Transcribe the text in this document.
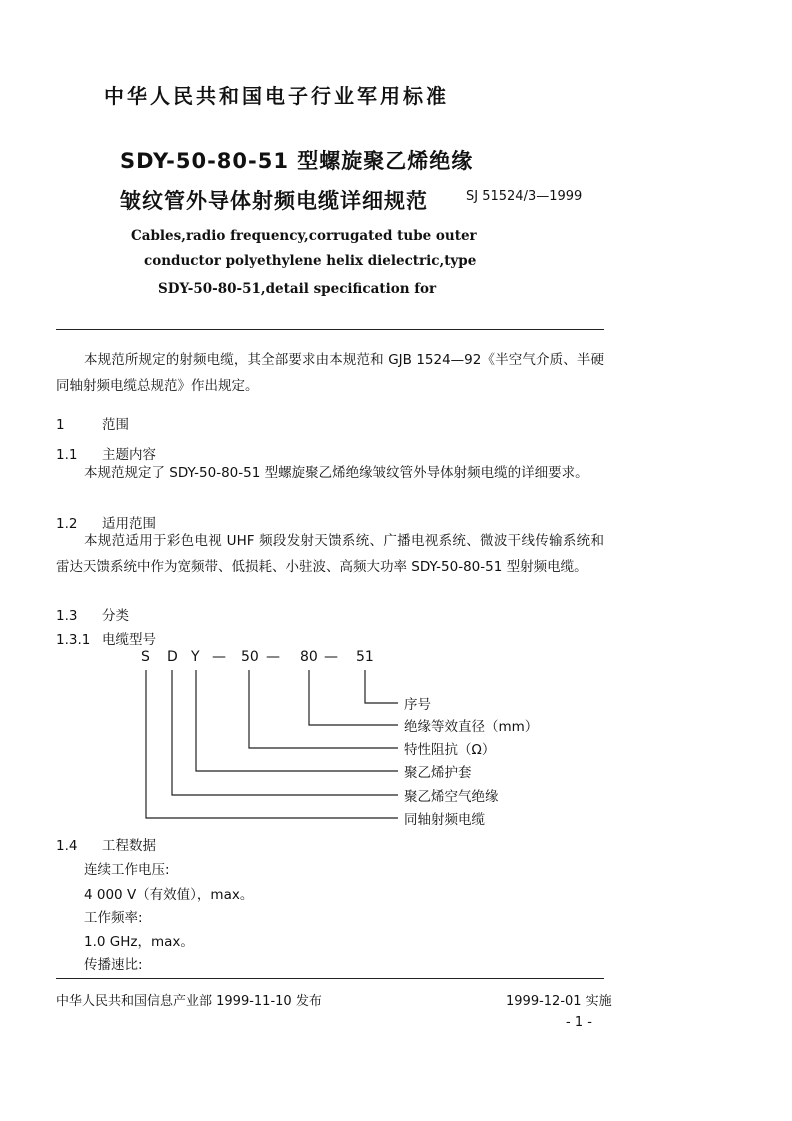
中华人民共和国电子行业军用标准
SDY-50-80-51 型螺旋聚乙烯绝缘
皱纹管外导体射频电缆详细规范	SJ 51524/3—1999
Cables,radio frequency,corrugated tube outer
conductor polyethylene helix dielectric,type
SDY-50-80-51,detail specification for
本规范所规定的射频电缆，其全部要求由本规范和 GJB 1524—92《半空气介质、半硬同轴射频电缆总规范》作出规定。
1	范围
1.1 主题内容
本规范规定了 SDY-50-80-51 型螺旋聚乙烯绝缘皱纹管外导体射频电缆的详细要求。
1.2 适用范围
本规范适用于彩色电视 UHF 频段发射天馈系统、广播电视系统、微波干线传输系统和雷达天馈系统中作为宽频带、低损耗、小驻波、高频大功率 SDY-50-80-51 型射频电缆。
1.3 分类
1.3.1 电缆型号
S D Y — 50 — 80 — 51
序号
绝缘等效直径（mm）
特性阻抗（Ω）
聚乙烯护套
聚乙烯空气绝缘
同轴射频电缆
1.4 工程数据
连续工作电压:
4 000 V（有效值），max。
工作频率:
1.0 GHz，max。
传播速比:
中华人民共和国信息产业部 1999-11-10 发布	1999-12-01 实施
- 1 -
